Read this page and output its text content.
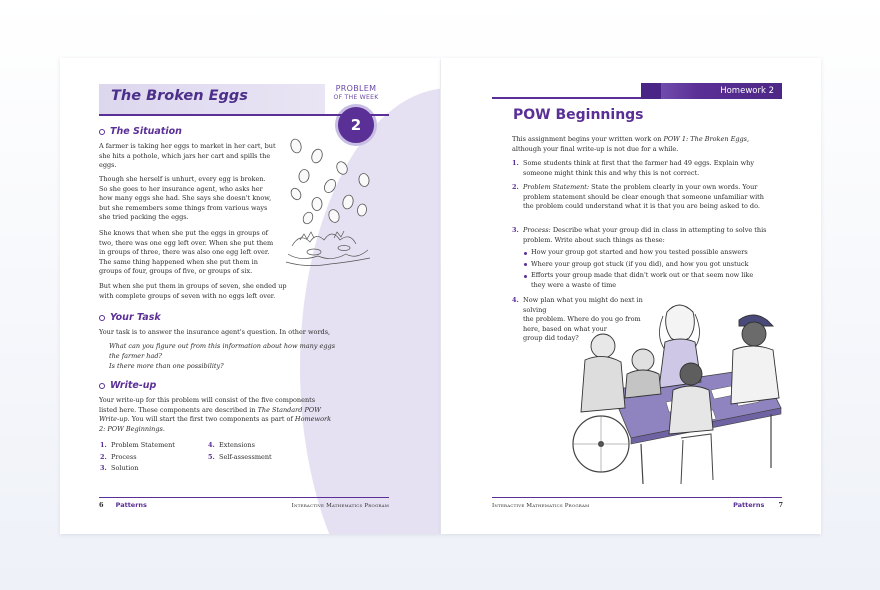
The Broken Eggs	PROBLEM
OF THE WEEK
2
The Situation

A farmer is taking her eggs to market in her cart, but she hits a pothole, which jars her cart and spills the eggs.

Though she herself is unhurt, every egg is broken. So she goes to her insurance agent, who asks her how many eggs she had. She says she doesn't know, but she remembers some things from various ways she tried packing the eggs.

She knows that when she put the eggs in groups of two, there was one egg left over. When she put them in groups of three, there was also one egg left over. The same thing happened when she put them in groups of four, groups of five, or groups of six.

But when she put them in groups of seven, she ended up with complete groups of seven with no eggs left over.

Your Task

Your task is to answer the insurance agent's question. In other words,

What can you figure out from this information about how many eggs the farmer had?

Is there more than one possibility?

Write-up

Your write-up for this problem will consist of the five components listed here. These components are described in The Standard POW Write-up. You will start the first two components as part of Homework 2: POW Beginnings.

1. Problem Statement
2. Process
3. Solution
4. Extensions
5. Self-assessment
6 Patterns	Interactive Mathematics Program
Homework 2
POW Beginnings

This assignment begins your written work on POW 1: The Broken Eggs, although your final write-up is not due for a while.

1. Some students think at first that the farmer had 49 eggs. Explain why someone might think this and why this is not correct.
2. Problem Statement: State the problem clearly in your own words. Your problem statement should be clear enough that someone unfamiliar with the problem could understand what it is that you are being asked to do.
3. Process: Describe what your group did in class in attempting to solve this problem. Write about such things as these:
How your group got started and how you tested possible answers
Where your group got stuck (if you did), and how you got unstuck
Efforts your group made that didn't work out or that seem now like they were a waste of time
4. Now plan what you might do next in solving
the problem. Where do you go from
here, based on what your
group did today?
Interactive Mathematics Program	Patterns 7
